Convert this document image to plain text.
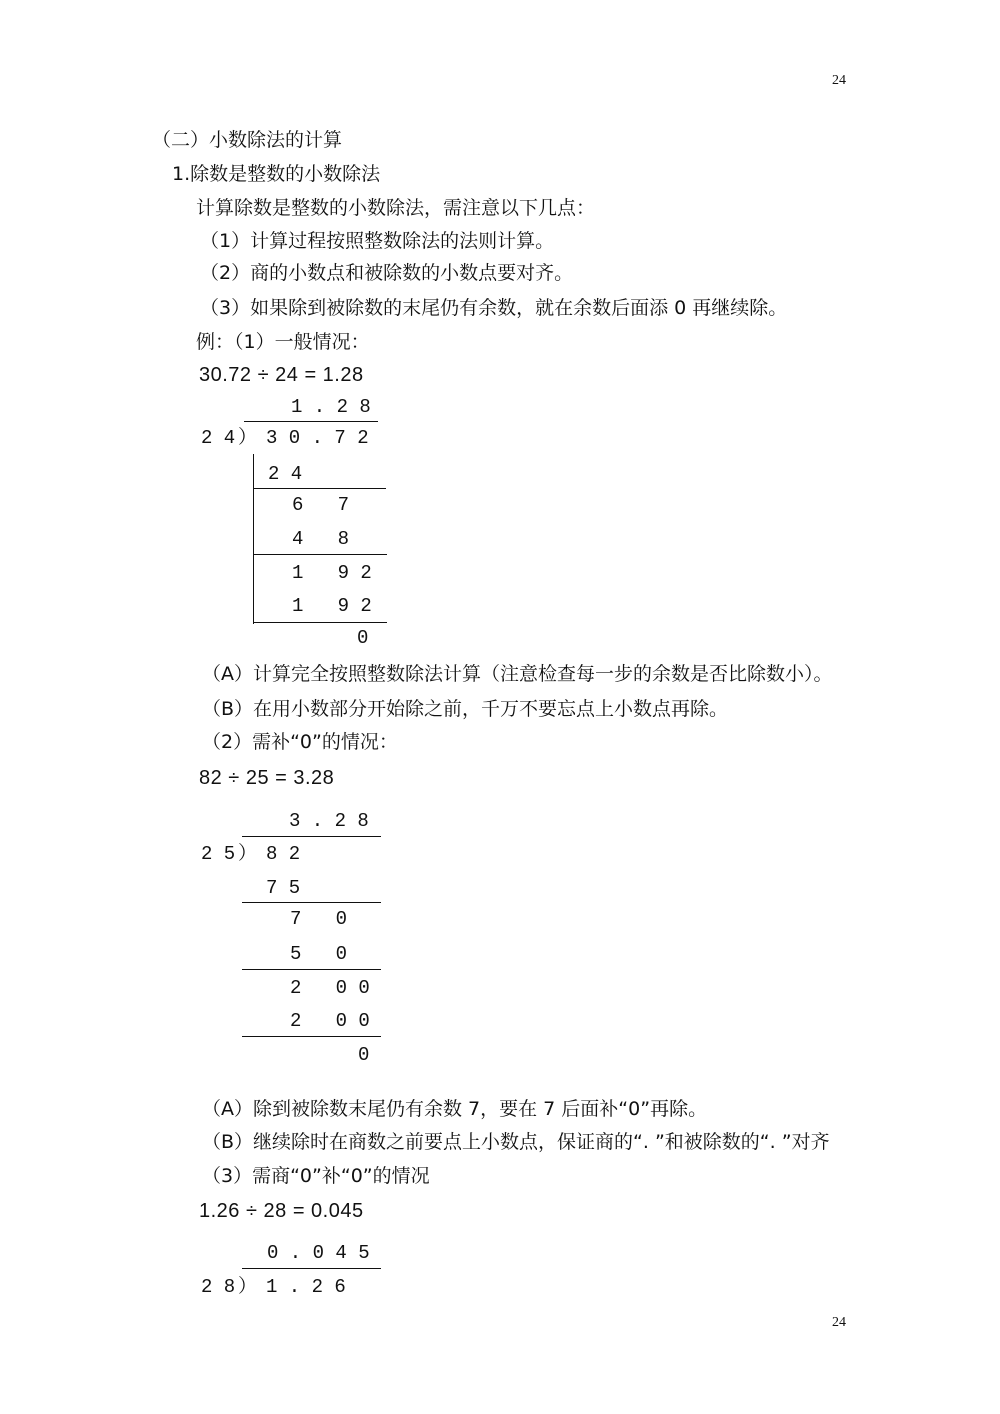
24
24
（二）小数除法的计算
1.除数是整数的小数除法
计算除数是整数的小数除法，需注意以下几点：
（1）计算过程按照整数除法的法则计算。
（2）商的小数点和被除数的小数点要对齐。
（3）如果除到被除数的末尾仍有余数，就在余数后面添 0 再继续除。
例：（1）一般情况：
30.72 ÷ 24 = 1.28
1 . 2 8
2 4 ） 3 0 . 7 2
2 4
6   7
4   8
1   9 2
1   9 2
0
（A）计算完全按照整数除法计算（注意检查每一步的余数是否比除数小）。
（B）在用小数部分开始除之前，千万不要忘点上小数点再除。
（2）需补“0”的情况：
82 ÷ 25 = 3.28
3 . 2 8
2 5 ） 8 2
7 5
7   0
5   0
2   0 0
2   0 0
0
（A）除到被除数末尾仍有余数 7，要在 7 后面补“0”再除。
（B）继续除时在商数之前要点上小数点，保证商的“. ”和被除数的“. ”对齐
（3）需商“0”补“0”的情况
1.26 ÷ 28 = 0.045
0 . 0 4 5
2 8 ） 1 . 2 6
